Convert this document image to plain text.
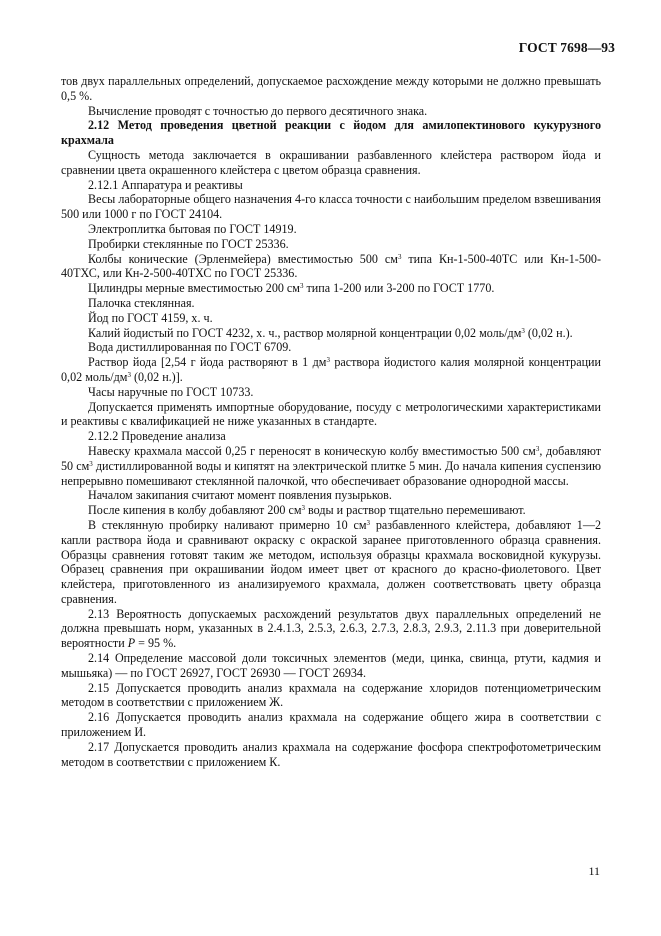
ГОСТ 7698—93

тов двух параллельных определений, допускаемое расхождение между которыми не должно превышать 0,5 %.

Вычисление проводят с точностью до первого десятичного знака.

2.12 Метод проведения цветной реакции с йодом для амилопектинового кукурузного крахмала

Сущность метода заключается в окрашивании разбавленного клейстера раствором йода и сравнении цвета окрашенного клейстера с цветом образца сравнения.

2.12.1 Аппаратура и реактивы

Весы лабораторные общего назначения 4-го класса точности с наибольшим пределом взвешивания 500 или 1000 г по ГОСТ 24104.

Электроплитка бытовая по ГОСТ 14919.

Пробирки стеклянные по ГОСТ 25336.

Колбы конические (Эрленмейера) вместимостью 500 $см^3$ типа Кн-1-500-40ТС или Кн-1-500-40ТХС, или Кн-2-500-40ТХС по ГОСТ 25336.

Цилиндры мерные вместимостью 200 $см^3$ типа 1-200 или 3-200 по ГОСТ 1770.

Палочка стеклянная.

Йод по ГОСТ 4159, х. ч.

Калий йодистый по ГОСТ 4232, х. ч., раствор молярной концентрации 0,02 моль/$дм^3$ (0,02 н.).

Вода дистиллированная по ГОСТ 6709.

Раствор йода [2,54 г йода растворяют в 1 $дм^3$ раствора йодистого калия молярной концентрации 0,02 моль/$дм^3$ (0,02 н.)].

Часы наручные по ГОСТ 10733.

Допускается применять импортные оборудование, посуду с метрологическими характеристиками и реактивы с квалификацией не ниже указанных в стандарте.

2.12.2 Проведение анализа

Навеску крахмала массой 0,25 г переносят в коническую колбу вместимостью 500 $см^3$, добавляют 50 $см^3$ дистиллированной воды и кипятят на электрической плитке 5 мин. До начала кипения суспензию непрерывно помешивают стеклянной палочкой, что обеспечивает образование однородной массы.

Началом закипания считают момент появления пузырьков.

После кипения в колбу добавляют 200 $см^3$ воды и раствор тщательно перемешивают.

В стеклянную пробирку наливают примерно 10 $см^3$ разбавленного клейстера, добавляют 1—2 капли раствора йода и сравнивают окраску с окраской заранее приготовленного образца сравнения. Образцы сравнения готовят таким же методом, используя образцы крахмала восковидной кукурузы. Образец сравнения при окрашивании йодом имеет цвет от красного до красно-фиолетового. Цвет клейстера, приготовленного из анализируемого крахмала, должен соответствовать цвету образца сравнения.

2.13 Вероятность допускаемых расхождений результатов двух параллельных определений не должна превышать норм, указанных в 2.4.1.3, 2.5.3, 2.6.3, 2.7.3, 2.8.3, 2.9.3, 2.11.3 при доверительной вероятности P = 95 %.

2.14 Определение массовой доли токсичных элементов (меди, цинка, свинца, ртути, кадмия и мышьяка) — по ГОСТ 26927, ГОСТ 26930 — ГОСТ 26934.

2.15 Допускается проводить анализ крахмала на содержание хлоридов потенциометрическим методом в соответствии с приложением Ж.

2.16 Допускается проводить анализ крахмала на содержание общего жира в соответствии с приложением И.

2.17 Допускается проводить анализ крахмала на содержание фосфора спектрофотометрическим методом в соответствии с приложением К.

11
